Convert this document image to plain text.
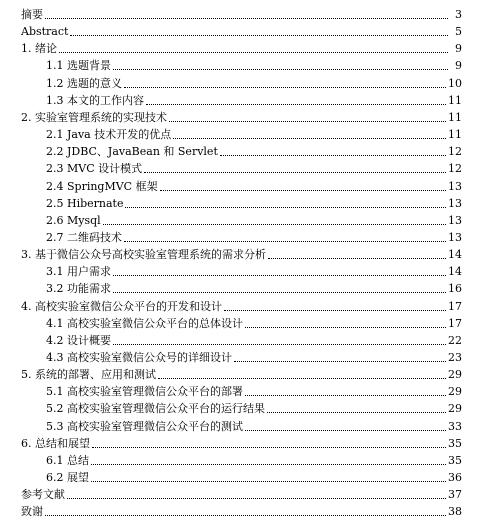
摘要	3
Abstract	5
1. 绪论	9
1.1 选题背景	9
1.2 选题的意义	10
1.3 本文的工作内容	11
2. 实验室管理系统的实现技术	11
2.1 Java 技术开发的优点	11
2.2 JDBC、JavaBean 和 Servlet	12
2.3 MVC 设计模式	12
2.4 SpringMVC 框架	13
2.5 Hibernate	13
2.6 Mysql	13
2.7 二维码技术	13
3. 基于微信公众号高校实验室管理系统的需求分析	14
3.1 用户需求	14
3.2 功能需求	16
4. 高校实验室微信公众平台的开发和设计	17
4.1 高校实验室微信公众平台的总体设计	17
4.2 设计概要	22
4.3 高校实验室微信公众号的详细设计	23
5. 系统的部署、应用和测试	29
5.1 高校实验室管理微信公众平台的部署	29
5.2 高校实验室管理微信公众平台的运行结果	29
5.3 高校实验室管理微信公众平台的测试	33
6. 总结和展望	35
6.1 总结	35
6.2 展望	36
参考文献	37
致谢	38
